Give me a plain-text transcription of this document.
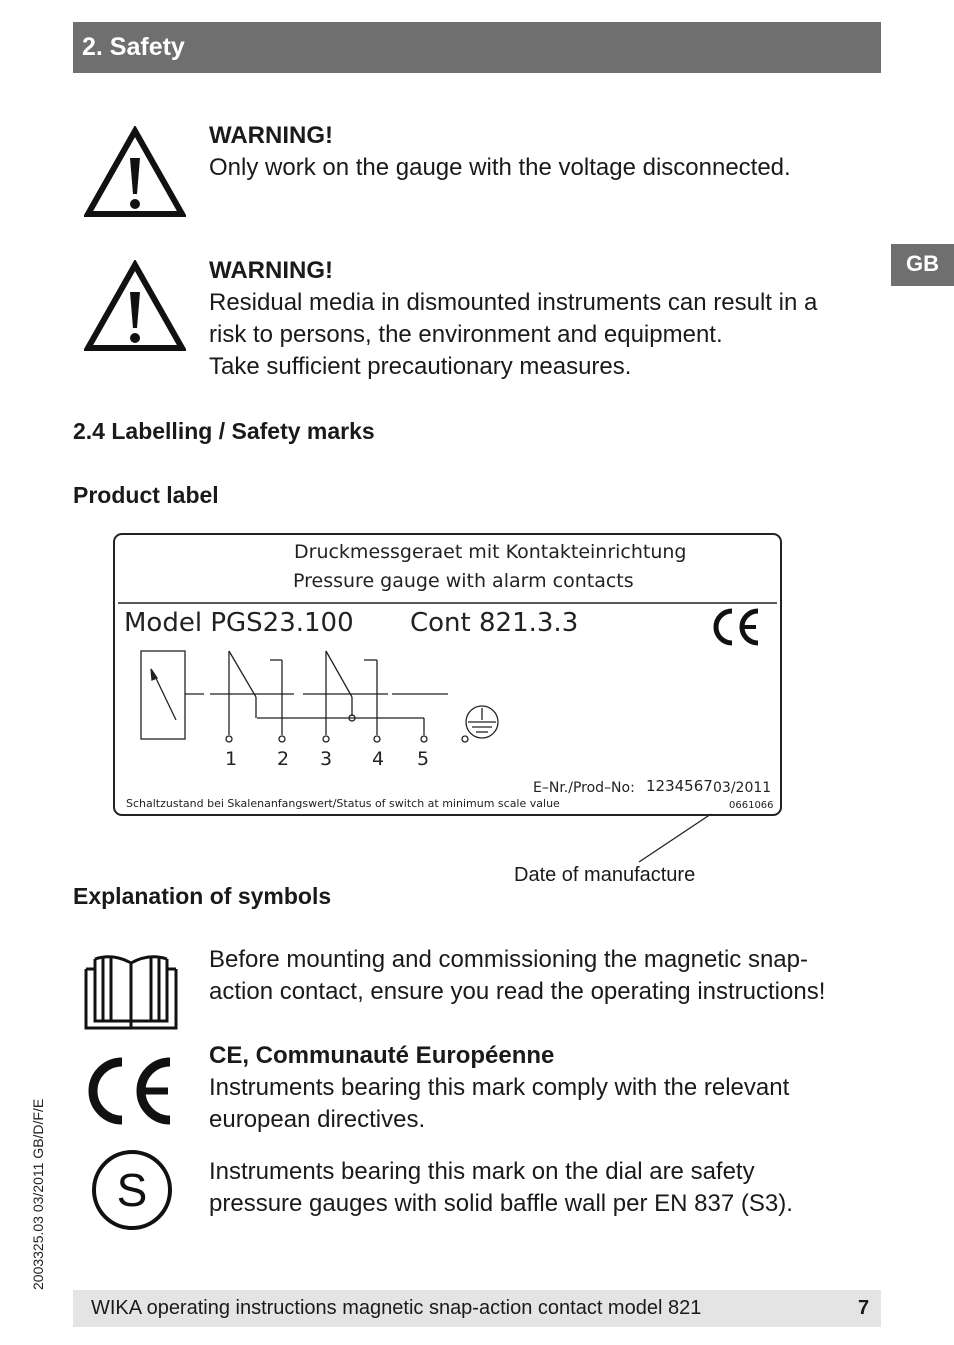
2. Safety
GB
WARNING!
Only work on the gauge with the voltage disconnected.
WARNING!
Residual media in dismounted instruments can result in a
risk to persons, the environment and equipment.
Take sufficient precautionary measures.
2.4 Labelling / Safety marks
Product label
Druckmessgeraet mit Kontakteinrichtung
Pressure gauge with alarm contacts
Model PGS23.100 Cont 821.3.3
1 2 3 4 5
E–Nr./Prod–No: 1234567 03/2011
Schaltzustand bei Skalenanfangswert/Status of switch at minimum scale value	0661066
Date of manufacture
Explanation of symbols
Before mounting and commissioning the magnetic snap-
action contact, ensure you read the operating instructions!
CE, Communauté Européenne
Instruments bearing this mark comply with the relevant
european directives.
S	Instruments bearing this mark on the dial are safety
pressure gauges with solid baffle wall per EN 837 (S3).
2003325.03 03/2011 GB/D/F/E
WIKA operating instructions magnetic snap-action contact model 821	7
